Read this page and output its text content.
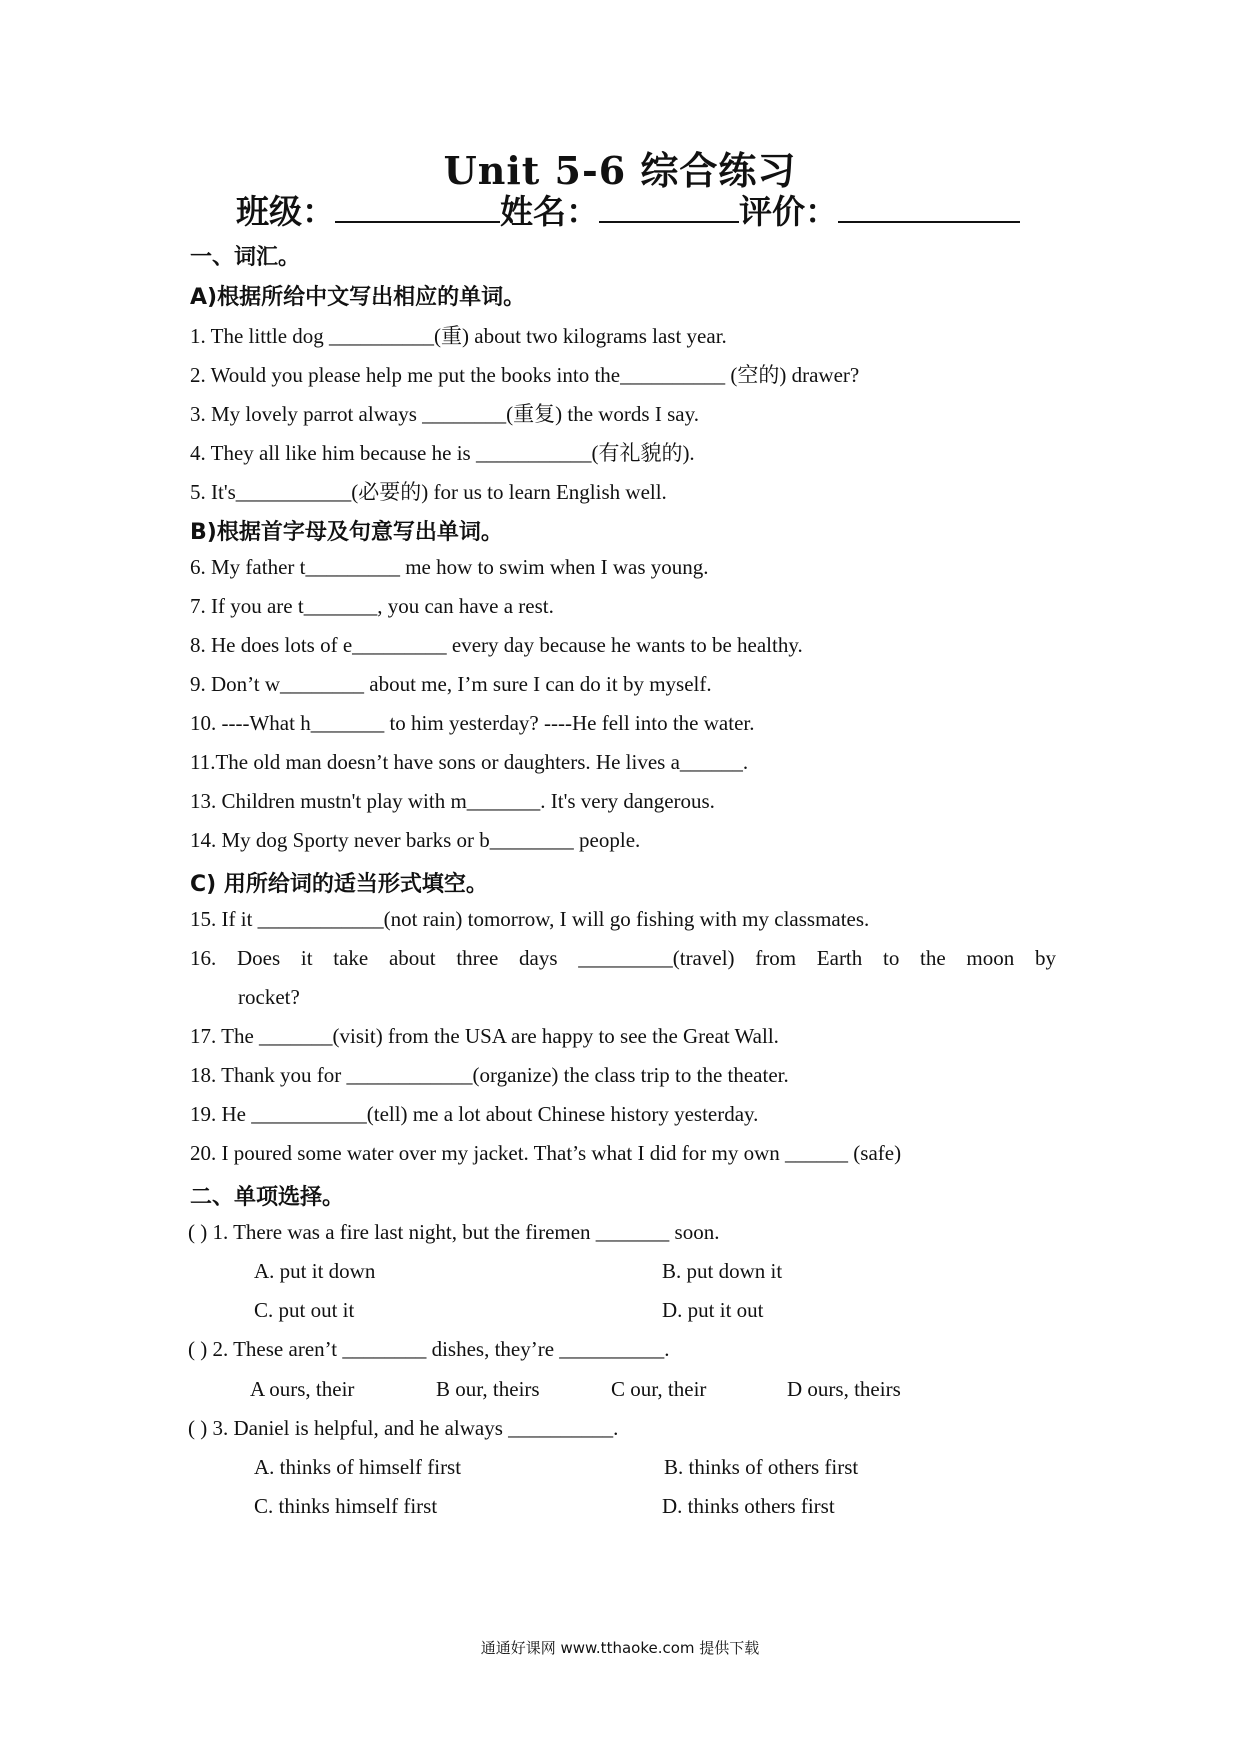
Unit 5-6 综合练习
班级：	姓名：	评价：
一、词汇。
A)根据所给中文写出相应的单词。
1. The little dog __________(重) about two kilograms last year.
2. Would you please help me put the books into the__________ (空的) drawer?
3. My lovely parrot always ________(重复) the words I say.
4. They all like him because he is ___________(有礼貌的).
5. It's___________(必要的) for us to learn English well.
B)根据首字母及句意写出单词。
6. My father t_________ me how to swim when I was young.
7. If you are t_______, you can have a rest.
8. He does lots of e_________ every day because he wants to be healthy.
9. Don’t w________ about me, I’m sure I can do it by myself.
10. ----What h_______ to him yesterday? ----He fell into the water.
11.The old man doesn’t have sons or daughters. He lives a______.
13. Children mustn't play with m_______. It's very dangerous.
14. My dog Sporty never barks or b________ people.
C) 用所给词的适当形式填空。
15. If it ____________(not rain) tomorrow, I will go fishing with my classmates.
16. Does it take about three days _________(travel) from Earth to the moon by
rocket?
17. The _______(visit) from the USA are happy to see the Great Wall.
18. Thank you for ____________(organize) the class trip to the theater.
19. He ___________(tell) me a lot about Chinese history yesterday.
20. I poured some water over my jacket. That’s what I did for my own ______ (safe)
二、单项选择。
( ) 1. There was a fire last night, but the firemen _______ soon.
A. put it down	B. put down it
C. put out it	D. put it out
( ) 2. These aren’t ________ dishes, they’re __________.
A ours, their	B our, theirs	C our, their	D ours, theirs
( ) 3. Daniel is helpful, and he always __________.
A. thinks of himself first	B. thinks of others first
C. thinks himself first	D. thinks others first
通通好课网 www.tthaoke.com 提供下载
